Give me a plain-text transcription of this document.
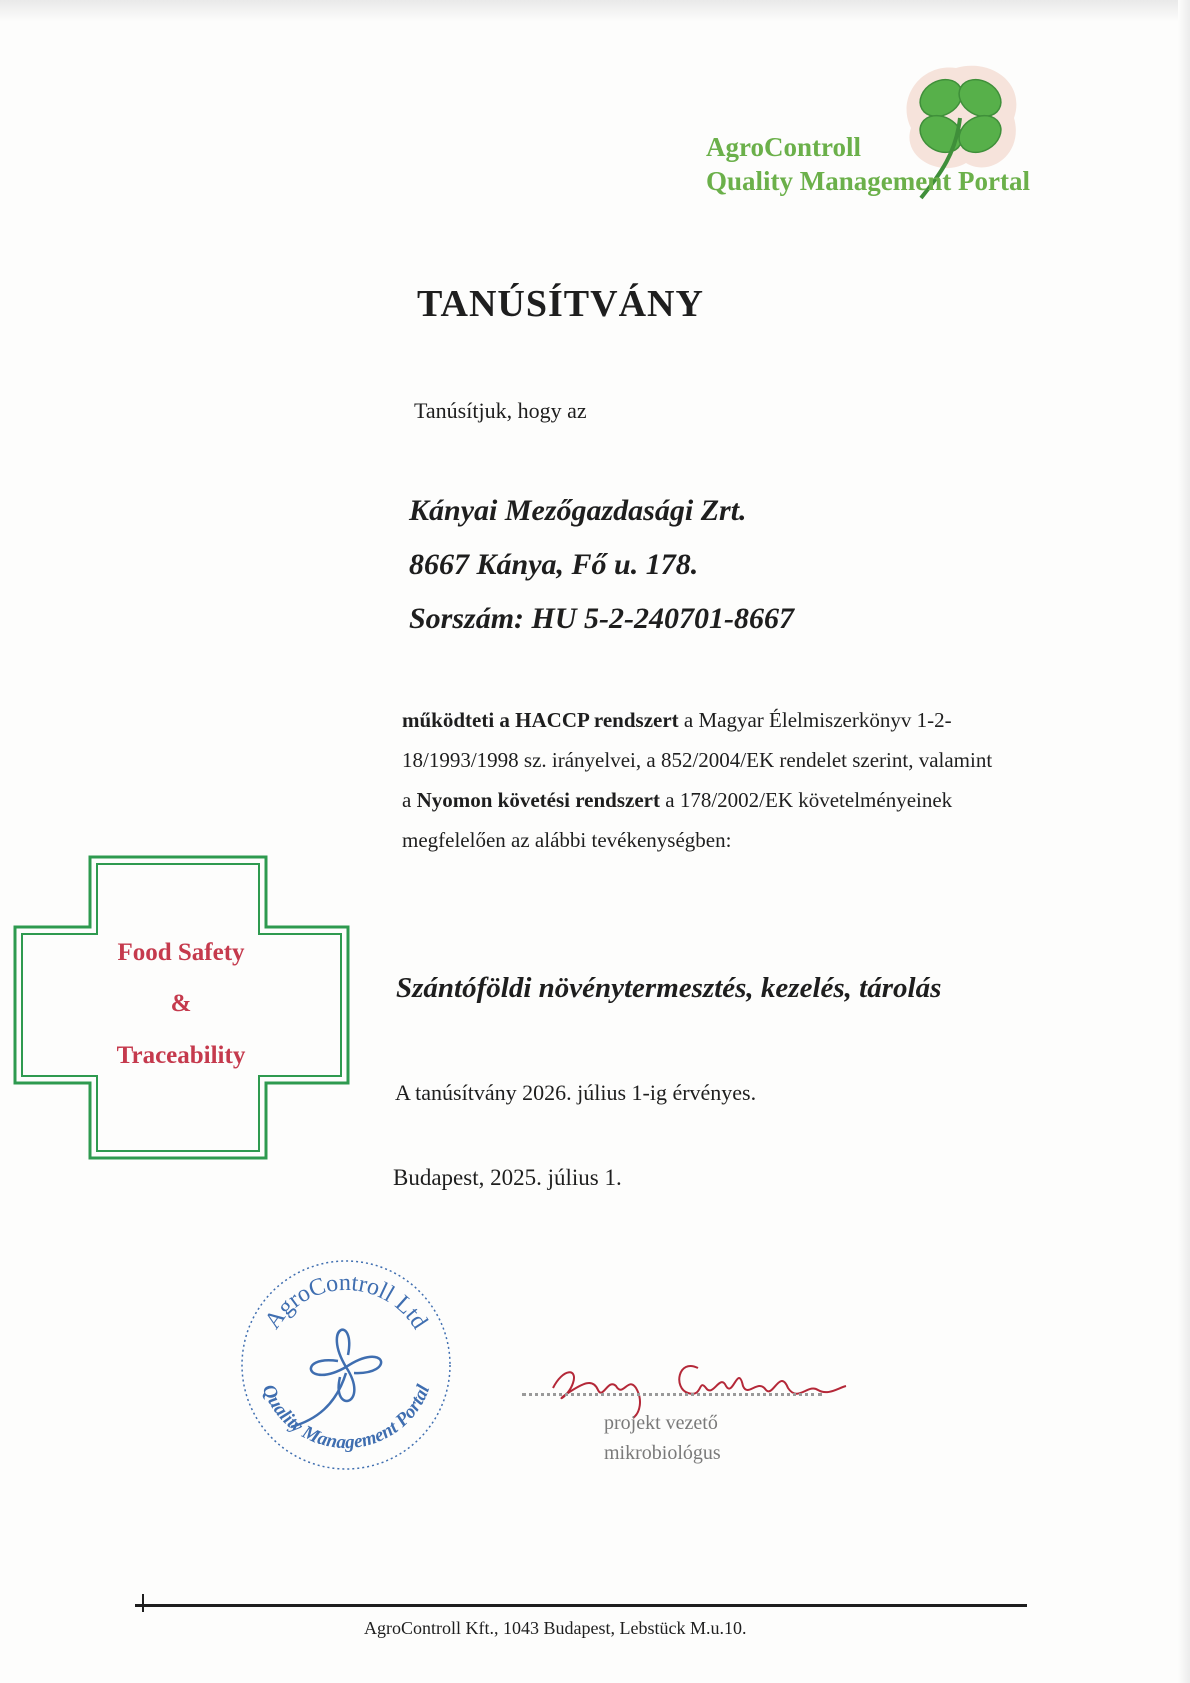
AgroControll
Quality Management Portal
TANÚSÍTVÁNY
Tanúsítjuk, hogy az
Kányai Mezőgazdasági Zrt.
8667 Kánya, Fő u. 178.
Sorszám: HU 5-2-240701-8667
működteti a HACCP rendszert a Magyar Élelmiszerkönyv 1-2-
18/1993/1998 sz. irányelvei, a 852/2004/EK rendelet szerint, valamint
a Nyomon követési rendszert a 178/2002/EK követelményeinek
megfelelően az alábbi tevékenységben:
Food Safety
&
Traceability
Szántóföldi növénytermesztés, kezelés, tárolás
A tanúsítvány 2026. július 1-ig érvényes.
Budapest, 2025. július 1.
AgroControll Ltd
Quality Management Portal
projekt vezető
mikrobiológus
AgroControll Kft., 1043 Budapest, Lebstück M.u.10.
